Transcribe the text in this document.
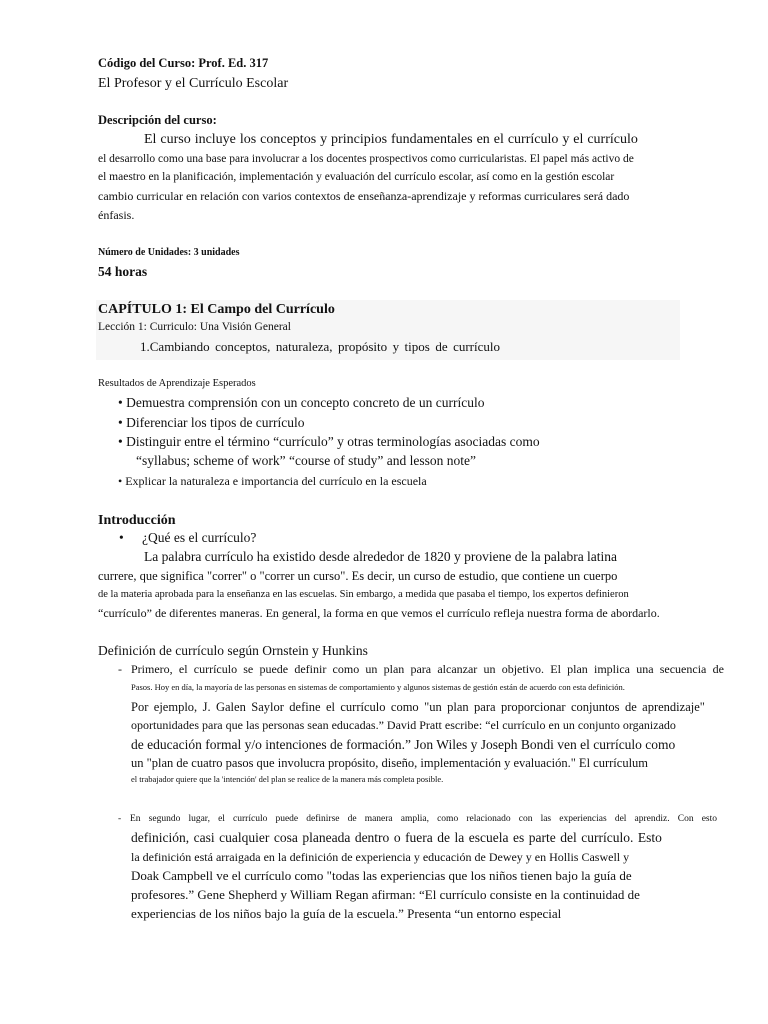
Código del Curso: Prof. Ed. 317
El Profesor y el Currículo Escolar
Descripción del curso:
El curso incluye los conceptos y principios fundamentales en el currículo y el currículo
el desarrollo como una base para involucrar a los docentes prospectivos como curricularistas. El papel más activo de
el maestro en la planificación, implementación y evaluación del currículo escolar, así como en la gestión escolar
cambio curricular en relación con varios contextos de enseñanza-aprendizaje y reformas curriculares será dado
énfasis.
Número de Unidades: 3 unidades
54 horas
CAPÍTULO 1: El Campo del Currículo
Lección 1: Curriculo: Una Visión General
1.Cambiando conceptos, naturaleza, propósito y tipos de currículo
Resultados de Aprendizaje Esperados
• Demuestra comprensión con un concepto concreto de un currículo
• Diferenciar los tipos de currículo
• Distinguir entre el término “currículo” y otras terminologías asociadas como
“syllabus; scheme of work” “course of study” and lesson note”
• Explicar la naturaleza e importancia del currículo en la escuela
Introducción
• ¿Qué es el currículo?
La palabra currículo ha existido desde alrededor de 1820 y proviene de la palabra latina
currere, que significa "correr" o "correr un curso". Es decir, un curso de estudio, que contiene un cuerpo
de la materia aprobada para la enseñanza en las escuelas. Sin embargo, a medida que pasaba el tiempo, los expertos definieron
“currículo” de diferentes maneras. En general, la forma en que vemos el currículo refleja nuestra forma de abordarlo.
Definición de currículo según Ornstein y Hunkins
- Primero, el currículo se puede definir como un plan para alcanzar un objetivo. El plan implica una secuencia de
Pasos. Hoy en día, la mayoría de las personas en sistemas de comportamiento y algunos sistemas de gestión están de acuerdo con esta definición.
Por ejemplo, J. Galen Saylor define el currículo como "un plan para proporcionar conjuntos de aprendizaje"
oportunidades para que las personas sean educadas.” David Pratt escribe: “el currículo en un conjunto organizado
de educación formal y/o intenciones de formación.” Jon Wiles y Joseph Bondi ven el currículo como
un "plan de cuatro pasos que involucra propósito, diseño, implementación y evaluación." El currículum
el trabajador quiere que la 'intención' del plan se realice de la manera más completa posible.
- En segundo lugar, el currículo puede definirse de manera amplia, como relacionado con las experiencias del aprendiz. Con esto
definición, casi cualquier cosa planeada dentro o fuera de la escuela es parte del currículo. Esto
la definición está arraigada en la definición de experiencia y educación de Dewey y en Hollis Caswell y
Doak Campbell ve el currículo como "todas las experiencias que los niños tienen bajo la guía de
profesores.” Gene Shepherd y William Regan afirman: “El currículo consiste en la continuidad de
experiencias de los niños bajo la guía de la escuela.” Presenta “un entorno especial
